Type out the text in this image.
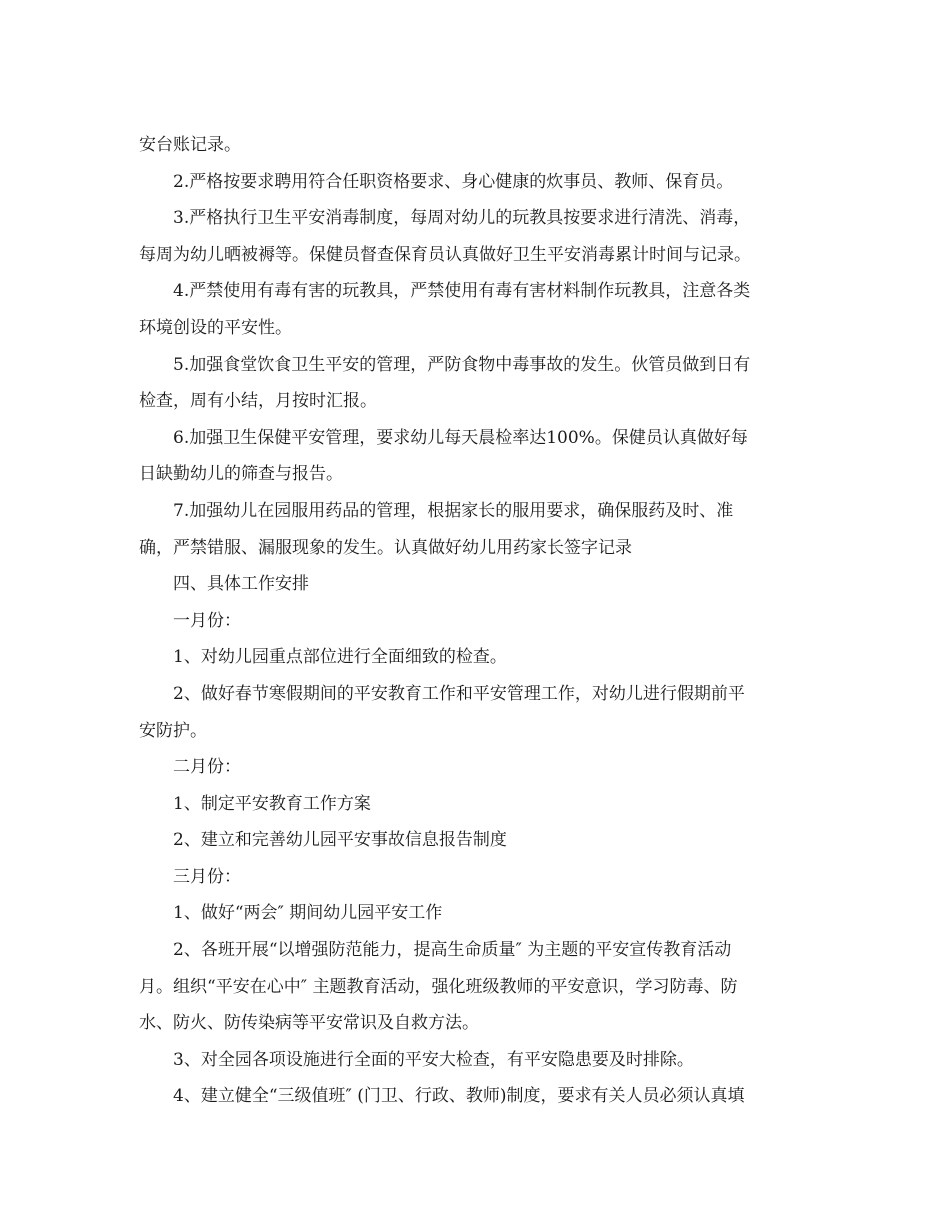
安台账记录。
2.严格按要求聘用符合任职资格要求、身心健康的炊事员、教师、保育员。
3.严格执行卫生平安消毒制度，每周对幼儿的玩教具按要求进行清洗、消毒，
每周为幼儿晒被褥等。保健员督查保育员认真做好卫生平安消毒累计时间与记录。
4.严禁使用有毒有害的玩教具，严禁使用有毒有害材料制作玩教具，注意各类
环境创设的平安性。
5.加强食堂饮食卫生平安的管理，严防食物中毒事故的发生。伙管员做到日有
检查，周有小结，月按时汇报。
6.加强卫生保健平安管理，要求幼儿每天晨检率达100%。保健员认真做好每
日缺勤幼儿的筛查与报告。
7.加强幼儿在园服用药品的管理，根据家长的服用要求，确保服药及时、准
确，严禁错服、漏服现象的发生。认真做好幼儿用药家长签字记录
四、具体工作安排
一月份：
1、对幼儿园重点部位进行全面细致的检查。
2、做好春节寒假期间的平安教育工作和平安管理工作，对幼儿进行假期前平
安防护。
二月份：
1、制定平安教育工作方案
2、建立和完善幼儿园平安事故信息报告制度
三月份：
1、做好“两会″ 期间幼儿园平安工作
2、各班开展“以增强防范能力，提高生命质量″ 为主题的平安宣传教育活动
月。组织“平安在心中″ 主题教育活动，强化班级教师的平安意识，学习防毒、防
水、防火、防传染病等平安常识及自救方法。
3、对全园各项设施进行全面的平安大检查，有平安隐患要及时排除。
4、建立健全“三级值班″ (门卫、行政、教师)制度，要求有关人员必须认真填
